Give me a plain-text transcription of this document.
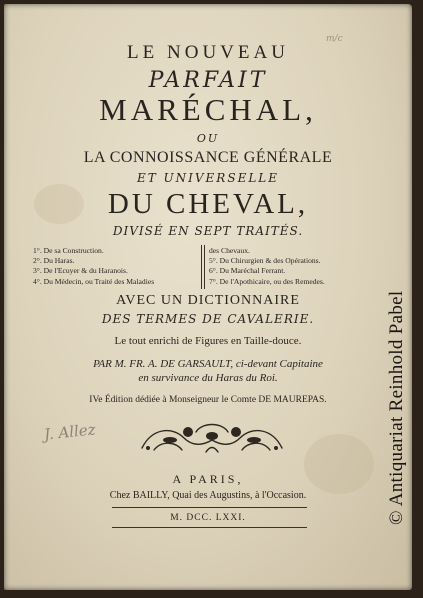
m/c
LE NOUVEAU
PARFAIT
MARÉCHAL,
OU
LA CONNOISSANCE GÉNÉRALE
ET UNIVERSELLE
DU CHEVAL,
DIVISÉ EN SEPT TRAITÉS.
1°. De sa Construction.
2°. Du Haras.
3°. De l'Ecuyer & du Haranois.
4°. Du Médecin, ou Traité des Maladies
des Chevaux.
5°. Du Chirurgien & des Opérations.
6°. Du Maréchal Ferrant.
7°. De l'Apothicaire, ou des Remedes.
AVEC UN DICTIONNAIRE
DES TERMES DE CAVALERIE.
Le tout enrichi de Figures en Taille-douce.
PAR M. FR. A. DE GARSAULT, ci-devant Capitaine
en survivance du Haras du Roi.
IVe Édition dédiée à Monseigneur le Comte DE MAUREPAS.
J. Allez
A PARIS,
Chez BAILLY, Quai des Augustins, à l'Occasion.
M. DCC. LXXI.	© Antiquariat Reinhold Pabel
